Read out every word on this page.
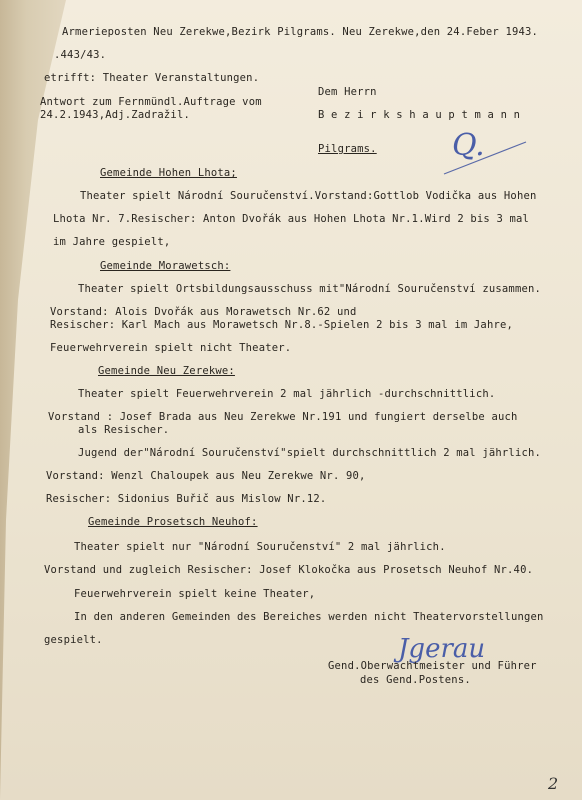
Armerieposten Neu Zerekwe,Bezirk Pilgrams. Neu Zerekwe,den 24.Feber 1943.
.443/43.
etrifft: Theater Veranstaltungen.
Antwort zum Fernmündl.Auftrage vom
24.2.1943,Adj.Zadražil.
Dem Herrn
B e z i r k s h a u p t m a n n
Pilgrams.	Q.
Gemeinde Hohen Lhota;
Theater spielt Národní Souručenství.Vorstand:Gottlob Vodička aus Hohen
Lhota Nr. 7.Resischer: Anton Dvořák aus Hohen Lhota Nr.1.Wird 2 bis 3 mal
im Jahre gespielt,
Gemeinde Morawetsch:
Theater spielt Ortsbildungsausschuss mit"Národní Souručenství zusammen.
Vorstand: Alois Dvořák aus Morawetsch Nr.62 und
Resischer: Karl Mach aus Morawetsch Nr.8.-Spielen 2 bis 3 mal im Jahre,
Feuerwehrverein spielt nicht Theater.
Gemeinde Neu Zerekwe:
Theater spielt Feuerwehrverein 2 mal jährlich -durchschnittlich.
Vorstand : Josef Brada aus Neu Zerekwe Nr.191 und fungiert derselbe auch
als Resischer.
Jugend der"Národní Souručenství"spielt durchschnittlich 2 mal jährlich.
Vorstand: Wenzl Chaloupek aus Neu Zerekwe Nr. 90,
Resischer: Sidonius Buřič aus Mislow Nr.12.
Gemeinde Prosetsch Neuhof:
Theater spielt nur "Národní Souručenství" 2 mal jährlich.
Vorstand und zugleich Resischer: Josef Klokočka aus Prosetsch Neuhof Nr.40.
Feuerwehrverein spielt keine Theater,
In den anderen Gemeinden des Bereiches werden nicht Theatervorstellungen
gespielt.	Jgerau
Gend.Oberwachtmeister und Führer
des Gend.Postens.
2
